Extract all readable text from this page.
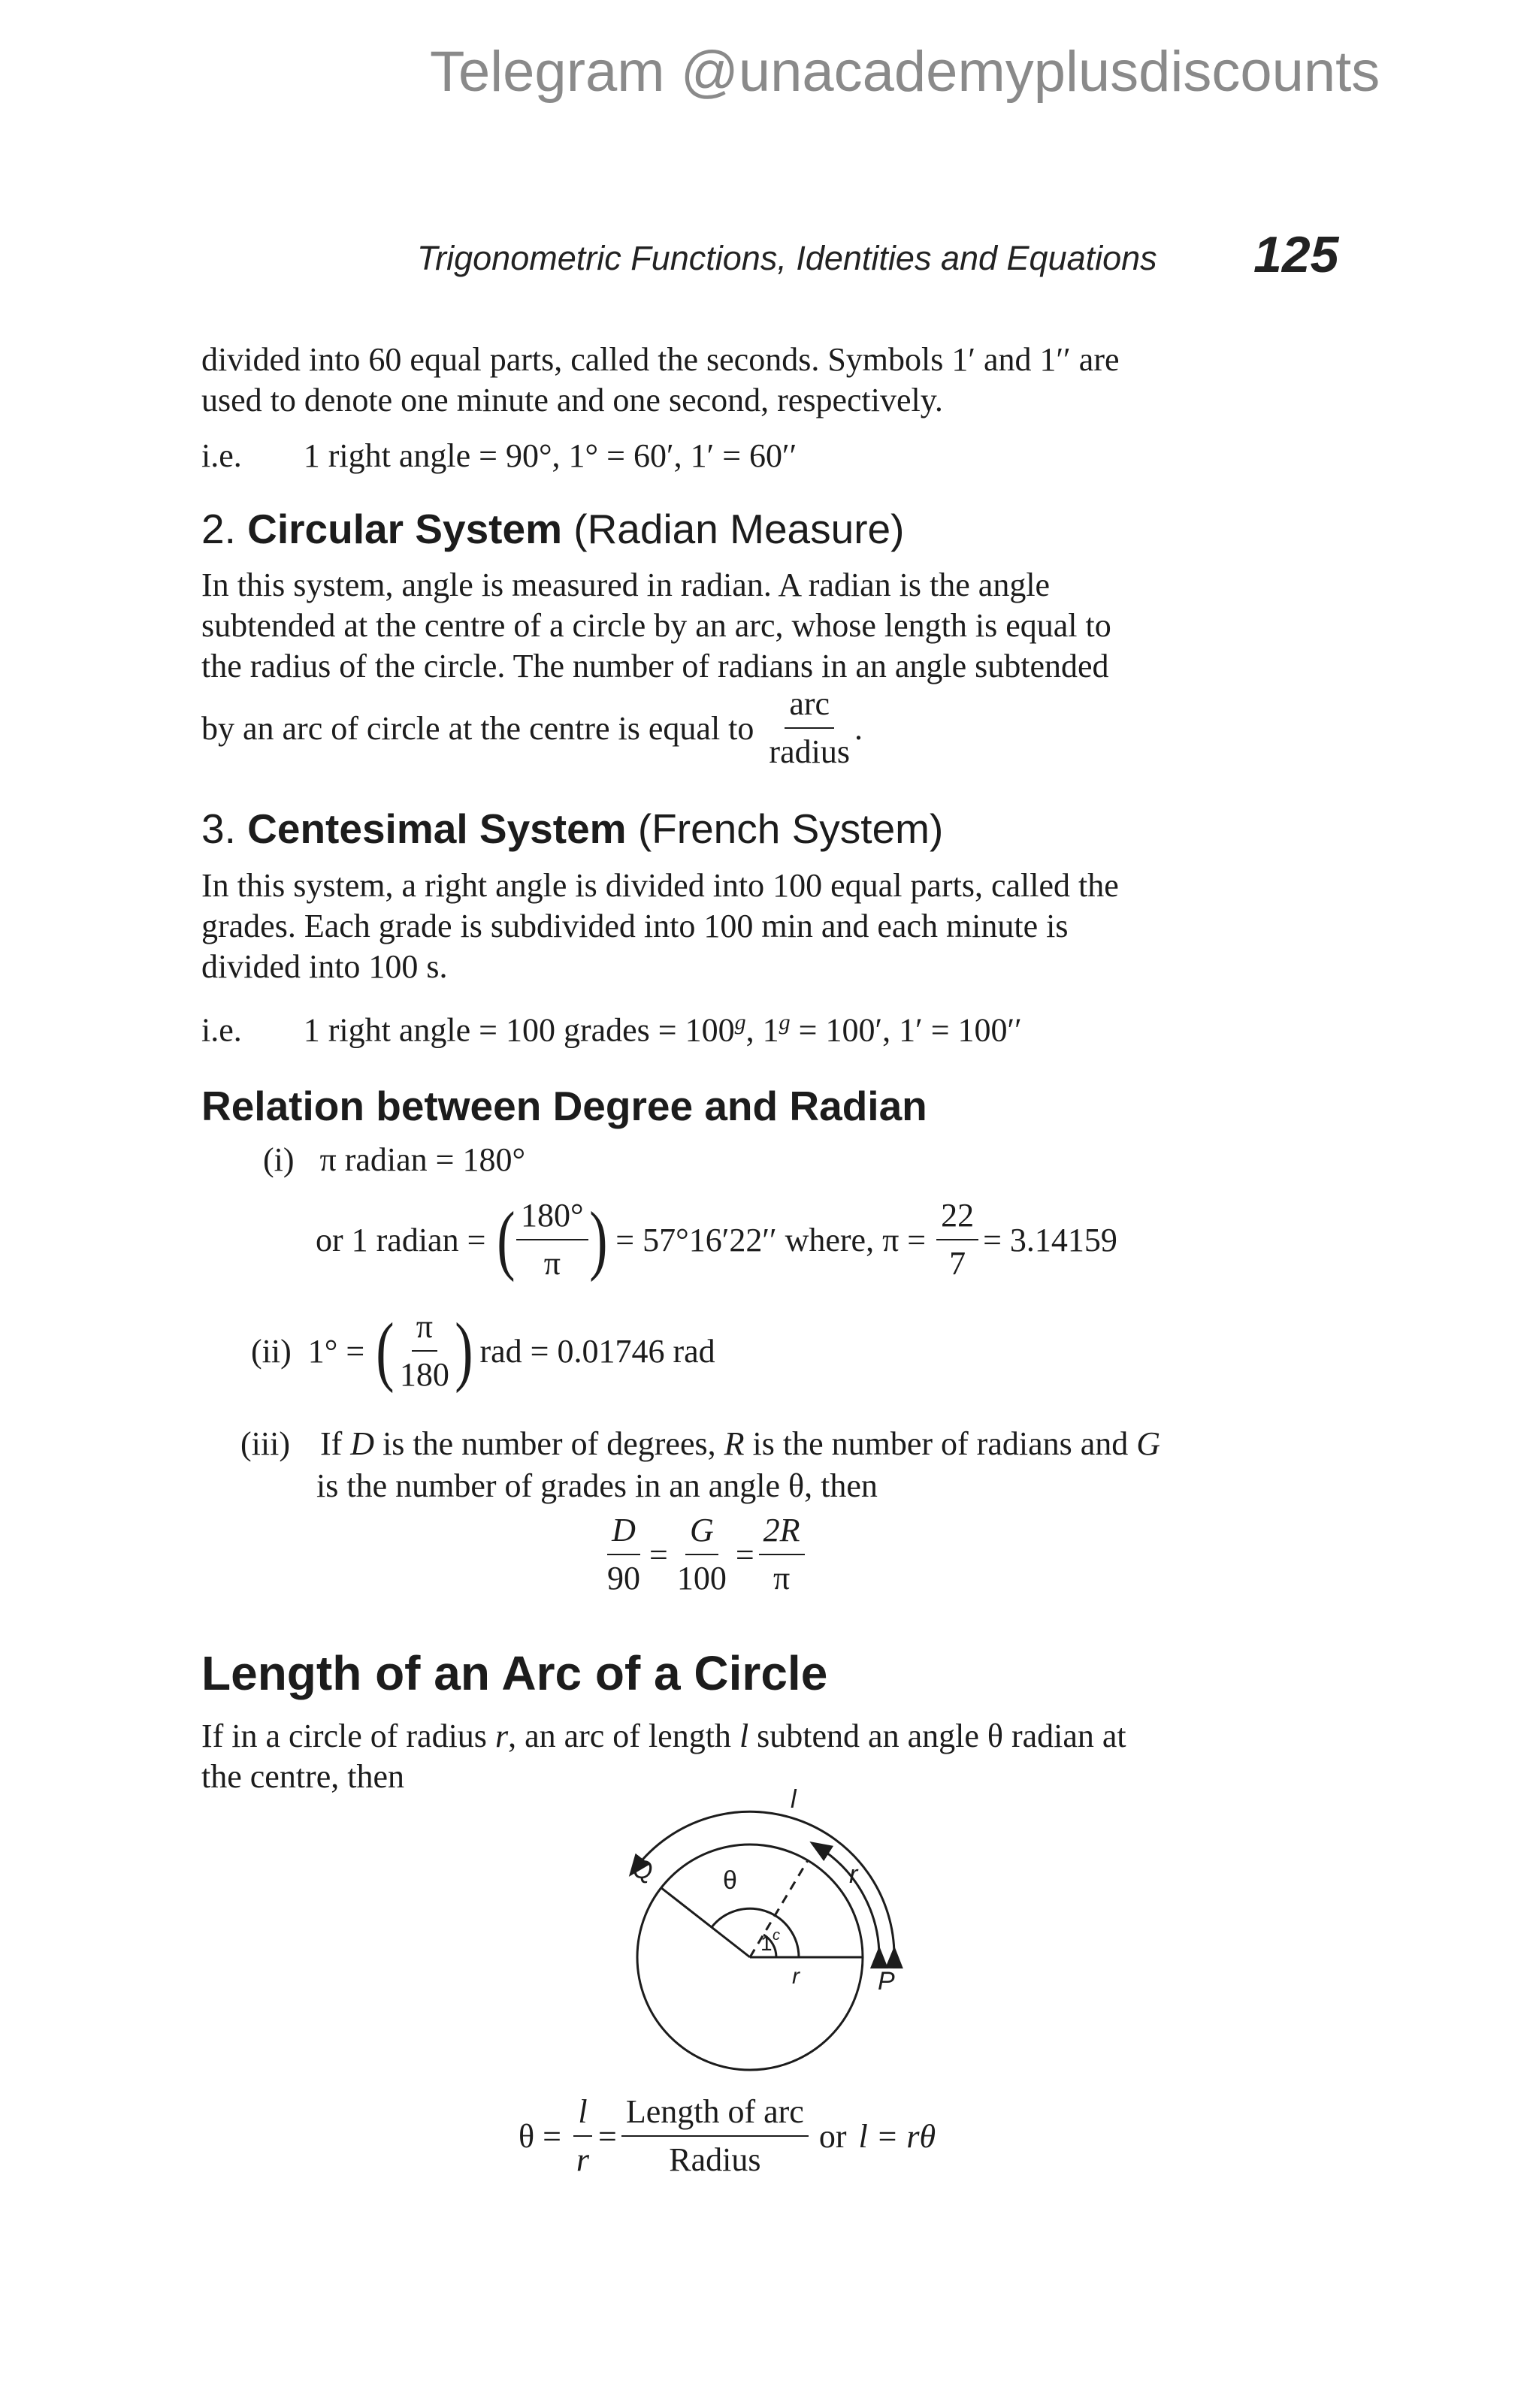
Telegram @unacademyplusdiscounts
Trigonometric Functions, Identities and Equations 125
divided into 60 equal parts, called the seconds. Symbols 1′ and 1′′ are
used to denote one minute and one second, respectively.
i.e. 1 right angle = 90°, 1° = 60′, 1′ = 60′′
2. Circular System (Radian Measure)
In this system, angle is measured in radian. A radian is the angle
subtended at the centre of a circle by an arc, whose length is equal to
the radius of the circle. The number of radians in an angle subtended
by an arc of circle at the centre is equal to $\frac{\text{arc}}{\text{radius}}$ .
3. Centesimal System (French System)
In this system, a right angle is divided into 100 equal parts, called the
grades. Each grade is subdivided into 100 min and each minute is
divided into 100 s.
i.e. 1 right angle = 100 grades = $100^g$, $1^g = 100'$, 1′ = 100′′
Relation between Degree and Radian
(i) π radian = 180°
or 1 radian = ( $\frac{180^\circ}{\pi}$ ) = 57°16′22′′ where, $\pi = \frac{22}{7} = 3.14159$
(ii) 1° = ( $\frac{\pi}{180}$ ) rad = 0.01746 rad
(iii) If D is the number of degrees, R is the number of radians and G
is the number of grades in an angle θ, then
$\frac{D}{90} = \frac{G}{100} = \frac{2R}{\pi}$
Length of an Arc of a Circle
If in a circle of radius r, an arc of length l subtend an angle θ radian at
the centre, then
l
Q	θ	r
1 c
r	P
$\theta = \frac{l}{r} = \frac{\text{Length of arc}}{\text{Radius}}$ or l = rθ
